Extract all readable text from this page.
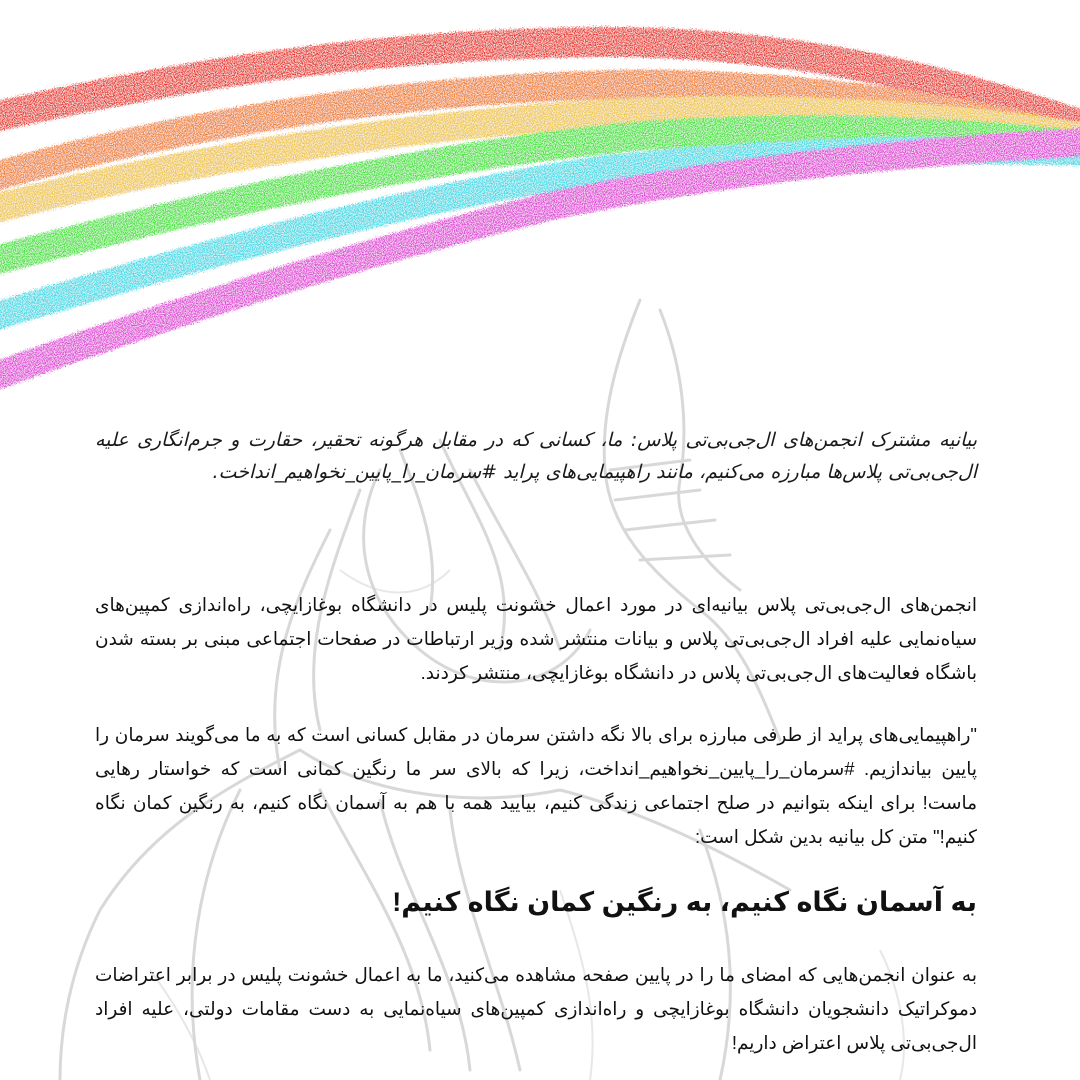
بیانیه مشترک انجمن‌های ال‌جی‌بی‌تی پلاس: ما، کسانی که در مقابل هرگونه تحقیر، حقارت و جرم‌انگاری علیه ال‌جی‌بی‌تی پلاس‌ها مبارزه می‌کنیم، مانند راهپیمایی‌های پراید #سرمان_را_پایین_نخواهیم_انداخت.

انجمن‌های ال‌جی‌بی‌تی پلاس بیانیه‌ای در مورد اعمال خشونت پلیس در دانشگاه بوغازایچی، راه‌اندازی کمپین‌های سیاه‌نمایی علیه افراد ال‌جی‌بی‌تی پلاس و بیانات منتشر شده وزیر ارتباطات در صفحات اجتماعی مبنی بر بسته شدن باشگاه فعالیت‌های ال‌جی‌بی‌تی پلاس در دانشگاه بوغازایچی، منتشر کردند.

"راهپیمایی‌های پراید از طرفی مبارزه برای بالا نگه داشتن سرمان در مقابل کسانی است که به ما می‌گویند سرمان را پایین بیاندازیم. #سرمان_را_پایین_نخواهیم_انداخت، زیرا که بالای سر ما رنگین کمانی است که خواستار رهایی ماست! برای اینکه بتوانیم در صلح اجتماعی زندگی کنیم، بیایید همه با هم به آسمان نگاه کنیم، به رنگین کمان نگاه کنیم!" متن کل بیانیه بدین شکل است:

به آسمان نگاه کنیم، به رنگین کمان نگاه کنیم!

به عنوان انجمن‌هایی که امضای ما را در پایین صفحه مشاهده می‌کنید، ما به اعمال خشونت پلیس در برابر اعتراضات دموکراتیک دانشجویان دانشگاه بوغازایچی و راه‌اندازی کمپین‌های سیاه‌نمایی به دست مقامات دولتی، علیه افراد ال‌جی‌بی‌تی پلاس اعتراض داریم!
